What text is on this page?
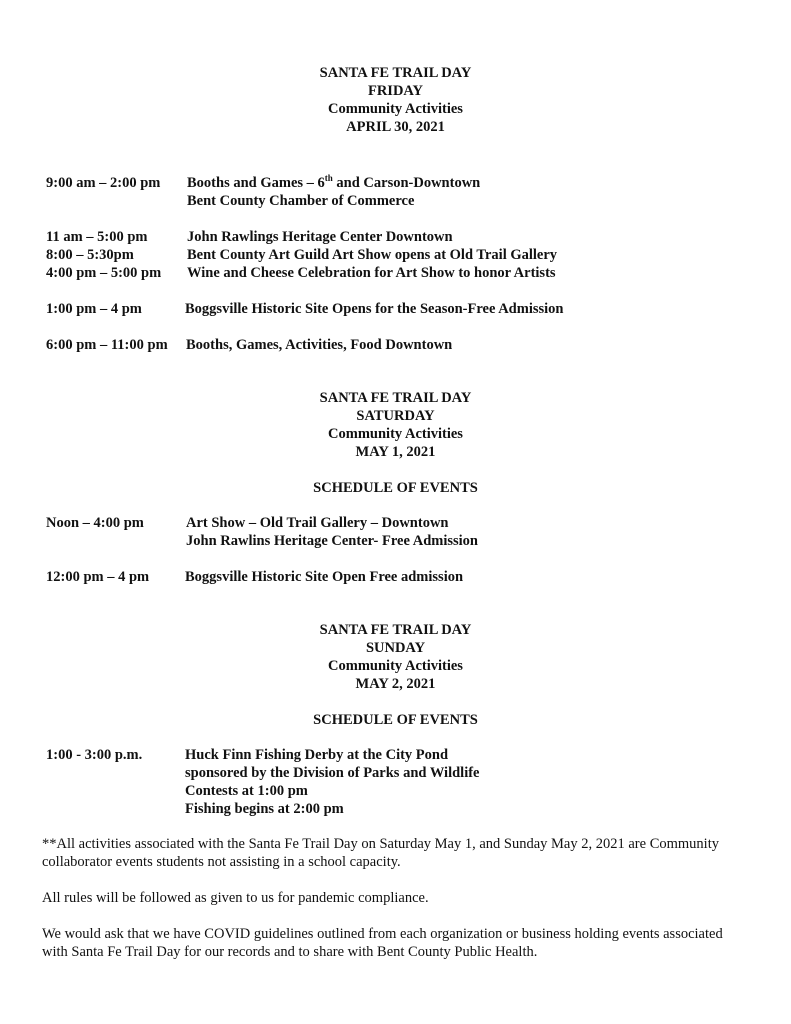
SANTA FE TRAIL DAY
FRIDAY
Community Activities
APRIL 30, 2021
9:00 am – 2:00 pm Booths and Games – 6th and Carson-Downtown
Bent County Chamber of Commerce
11 am – 5:00 pm	John Rawlings Heritage Center Downtown
8:00 – 5:30pm	Bent County Art Guild Art Show opens at Old Trail Gallery
4:00 pm – 5:00 pm Wine and Cheese Celebration for Art Show to honor Artists
1:00 pm – 4 pm	Boggsville Historic Site Opens for the Season-Free Admission
6:00 pm – 11:00 pm Booths, Games, Activities, Food Downtown
SANTA FE TRAIL DAY
SATURDAY
Community Activities
MAY 1, 2021
SCHEDULE OF EVENTS
Noon – 4:00 pm	Art Show – Old Trail Gallery – Downtown
John Rawlins Heritage Center- Free Admission
12:00 pm – 4 pm Boggsville Historic Site Open Free admission
SANTA FE TRAIL DAY
SUNDAY
Community Activities
MAY 2, 2021
SCHEDULE OF EVENTS
1:00 - 3:00 p.m.	Huck Finn Fishing Derby at the City Pond
sponsored by the Division of Parks and Wildlife
Contests at 1:00 pm
Fishing begins at 2:00 pm
**All activities associated with the Santa Fe Trail Day on Saturday May 1, and Sunday May 2, 2021 are Community collaborator events students not assisting in a school capacity.
All rules will be followed as given to us for pandemic compliance.
We would ask that we have COVID guidelines outlined from each organization or business holding events associated with Santa Fe Trail Day for our records and to share with Bent County Public Health.
